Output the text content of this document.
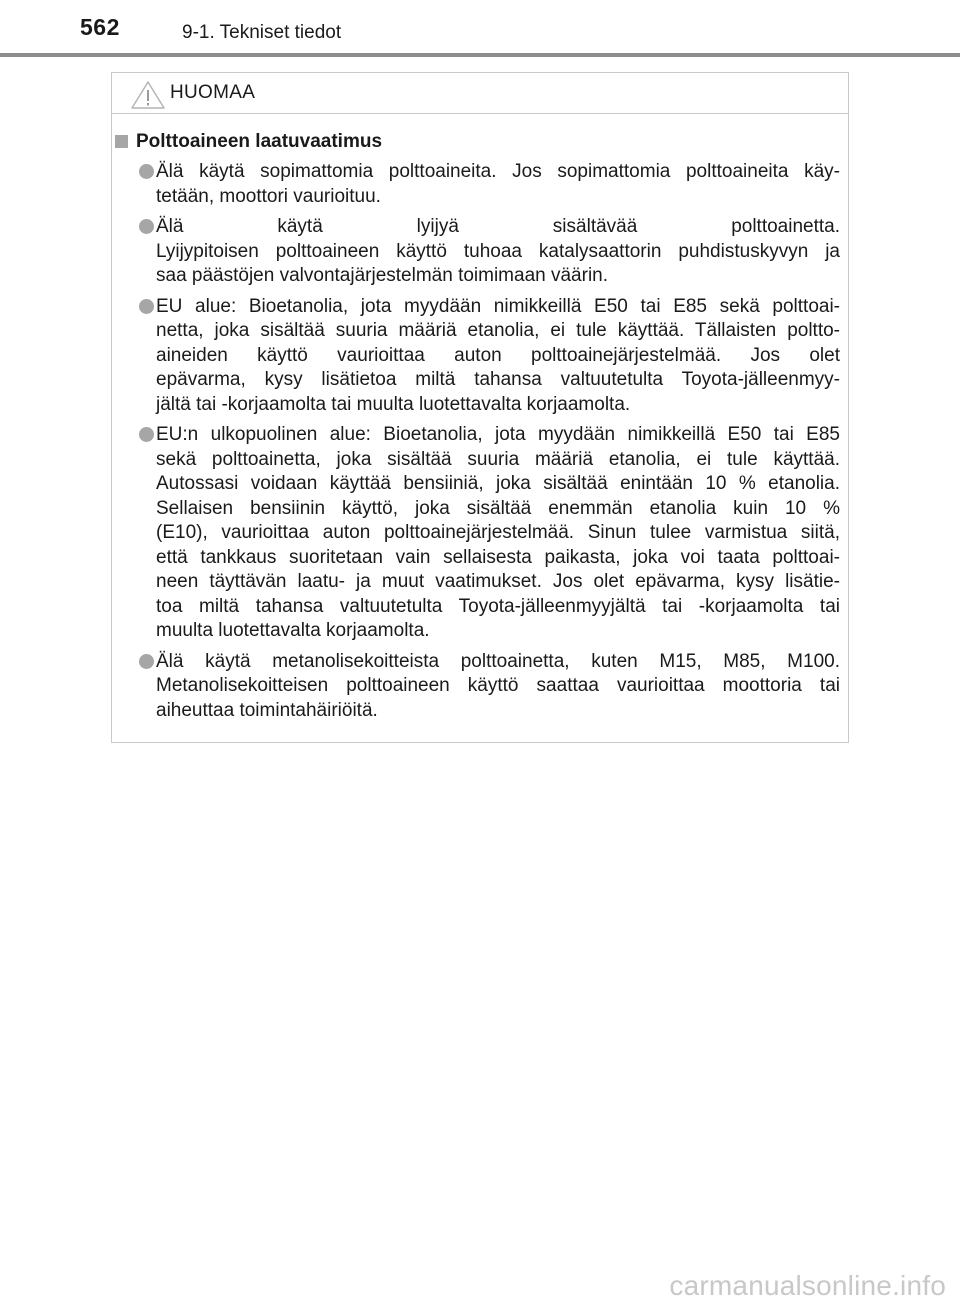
562	9-1. Tekniset tiedot
HUOMAA
Polttoaineen laatuvaatimus
Älä käytä sopimattomia polttoaineita. Jos sopimattomia polttoaineita käy-
tetään, moottori vaurioituu.
Älä käytä lyijyä sisältävää polttoainetta.
Lyijypitoisen polttoaineen käyttö tuhoaa katalysaattorin puhdistuskyvyn ja
saa päästöjen valvontajärjestelmän toimimaan väärin.
EU alue: Bioetanolia, jota myydään nimikkeillä E50 tai E85 sekä polttoai-
netta, joka sisältää suuria määriä etanolia, ei tule käyttää. Tällaisten poltto-
aineiden käyttö vaurioittaa auton polttoainejärjestelmää. Jos olet
epävarma, kysy lisätietoa miltä tahansa valtuutetulta Toyota-jälleenmyy-
jältä tai -korjaamolta tai muulta luotettavalta korjaamolta.
EU:n ulkopuolinen alue: Bioetanolia, jota myydään nimikkeillä E50 tai E85
sekä polttoainetta, joka sisältää suuria määriä etanolia, ei tule käyttää.
Autossasi voidaan käyttää bensiiniä, joka sisältää enintään 10 % etanolia.
Sellaisen bensiinin käyttö, joka sisältää enemmän etanolia kuin 10 %
(E10), vaurioittaa auton polttoainejärjestelmää. Sinun tulee varmistua siitä,
että tankkaus suoritetaan vain sellaisesta paikasta, joka voi taata polttoai-
neen täyttävän laatu- ja muut vaatimukset. Jos olet epävarma, kysy lisätie-
toa miltä tahansa valtuutetulta Toyota-jälleenmyyjältä tai -korjaamolta tai
muulta luotettavalta korjaamolta.
Älä käytä metanolisekoitteista polttoainetta, kuten M15, M85, M100.
Metanolisekoitteisen polttoaineen käyttö saattaa vaurioittaa moottoria tai
aiheuttaa toimintahäiriöitä.
carmanualsonline.info
